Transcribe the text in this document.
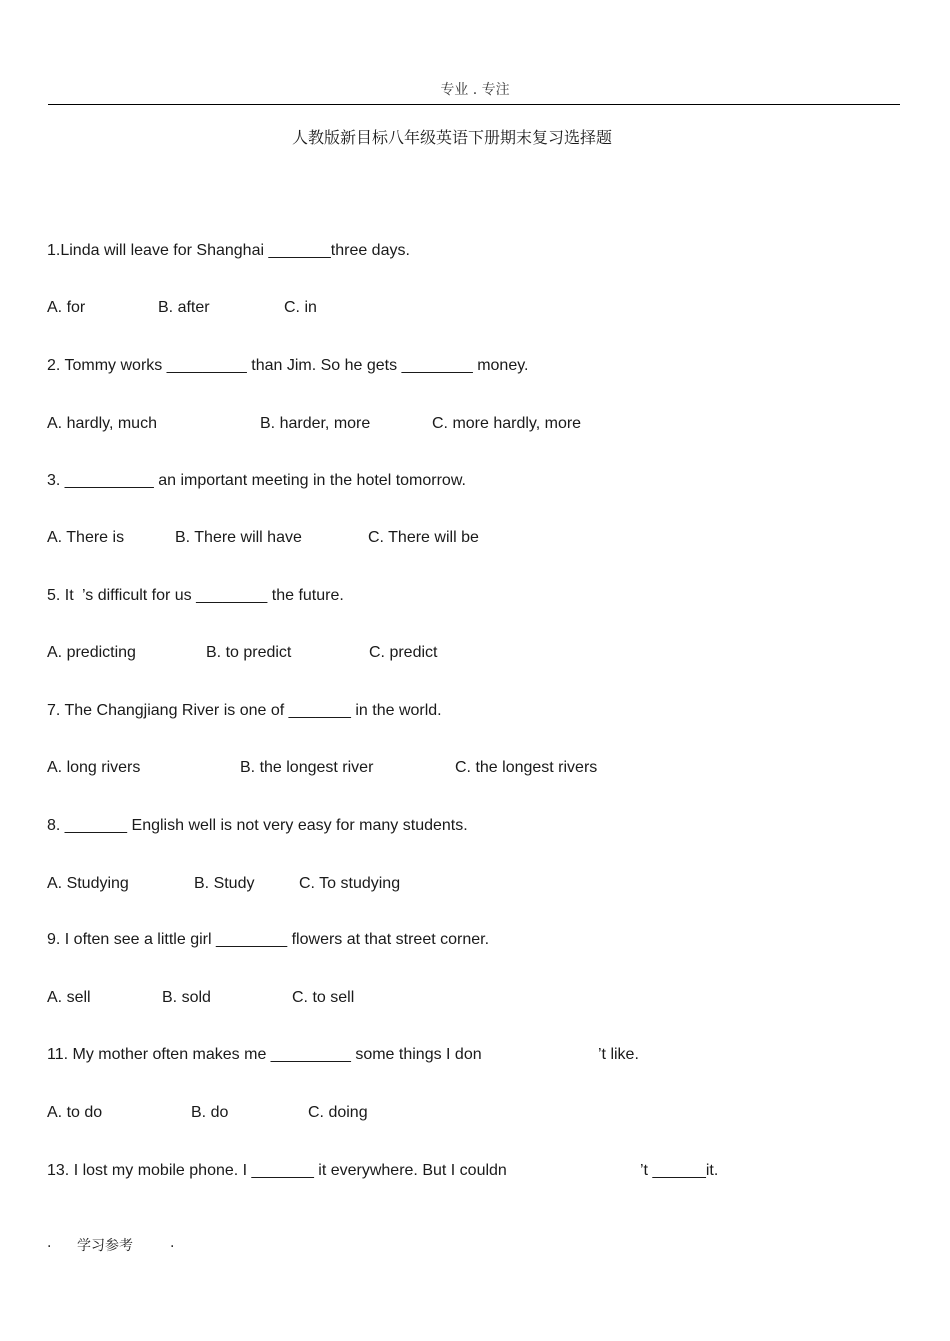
专业 . 专注
人教版新目标八年级英语下册期末复习选择题
1.Linda will leave for Shanghai _______three days.
A. for	B. after	C. in
2. Tommy works _________ than Jim. So he gets ________ money.
A. hardly, much	B. harder, more	C. more hardly, more
3. __________ an important meeting in the hotel tomorrow.
A. There is	B. There will have	C. There will be
5. It ’s difficult for us ________ the future.
A. predicting	B. to predict	C. predict
7. The Changjiang River is one of _______ in the world.
A. long rivers	B. the longest river	C. the longest rivers
8. _______ English well is not very easy for many students.
A. Studying	B. Study	C. To studying
9. I often see a little girl ________ flowers at that street corner.
A. sell	B. sold	C. to sell
11. My mother often makes me _________ some things I don	’t like.
A. to do	B. do	C. doing
13. I lost my mobile phone. I _______ it everywhere. But I couldn	’t ______it.
. 学习参考	.
